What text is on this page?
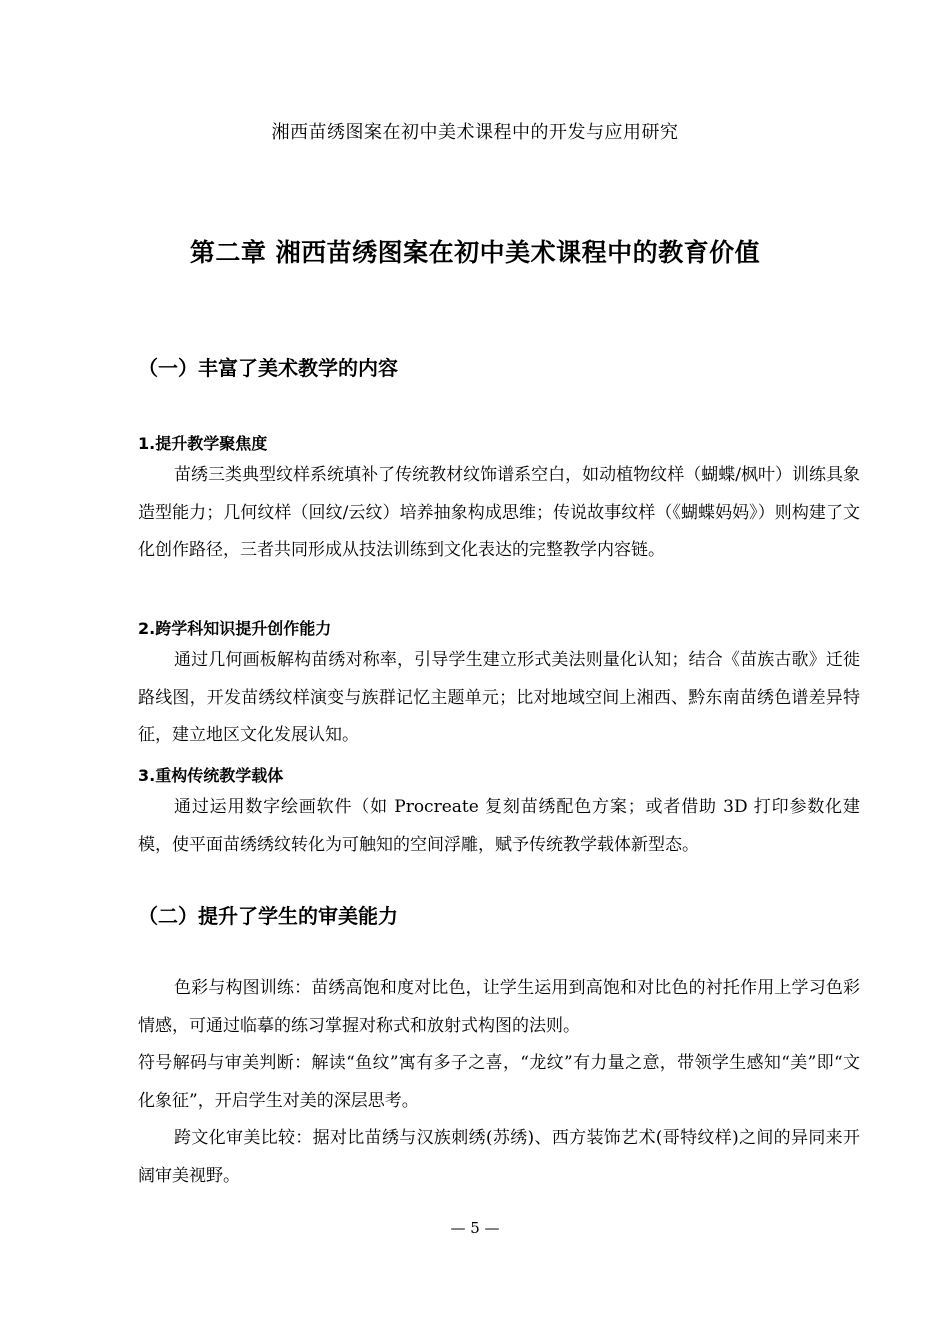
湘西苗绣图案在初中美术课程中的开发与应用研究
第二章 湘西苗绣图案在初中美术课程中的教育价值
（一）丰富了美术教学的内容
1.提升教学聚焦度

苗绣三类典型纹样系统填补了传统教材纹饰谱系空白，如动植物纹样（蝴蝶/枫叶）训练具象造型能力；几何纹样（回纹/云纹）培养抽象构成思维；传说故事纹样（《蝴蝶妈妈》）则构建了文化创作路径，三者共同形成从技法训练到文化表达的完整教学内容链。

2.跨学科知识提升创作能力

通过几何画板解构苗绣对称率，引导学生建立形式美法则量化认知；结合《苗族古歌》迁徙路线图，开发苗绣纹样演变与族群记忆主题单元；比对地域空间上湘西、黔东南苗绣色谱差异特征，建立地区文化发展认知。

3.重构传统教学载体

通过运用数字绘画软件（如 Procreate 复刻苗绣配色方案；或者借助 3D 打印参数化建模，使平面苗绣绣纹转化为可触知的空间浮雕，赋予传统教学载体新型态。

（二）提升了学生的审美能力

色彩与构图训练：苗绣高饱和度对比色，让学生运用到高饱和对比色的衬托作用上学习色彩情感，可通过临摹的练习掌握对称式和放射式构图的法则。

符号解码与审美判断：解读“鱼纹”寓有多子之喜，“龙纹”有力量之意，带领学生感知“美”即“文化象征”，开启学生对美的深层思考。

跨文化审美比较：据对比苗绣与汉族刺绣(苏绣)、西方装饰艺术(哥特纹样)之间的异同来开阔审美视野。

— 5 —
